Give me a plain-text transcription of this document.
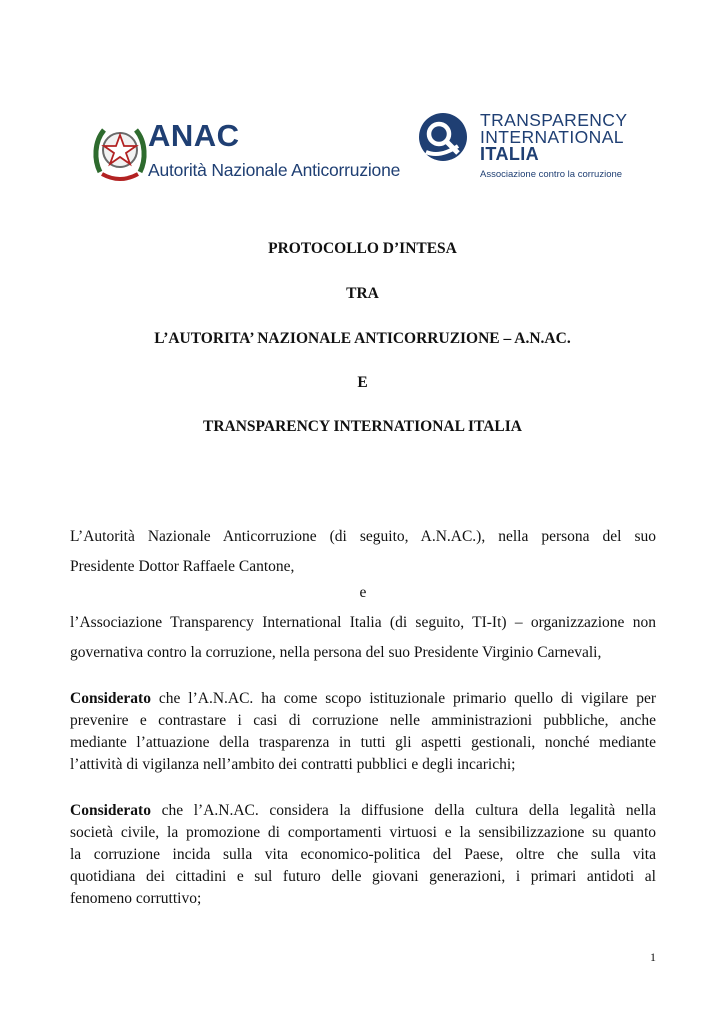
ANAC
Autorità Nazionale Anticorruzione
TRANSPARENCY
INTERNATIONAL
ITALIA
Associazione contro la corruzione
PROTOCOLLO D’INTESA
TRA
L’AUTORITA’ NAZIONALE ANTICORRUZIONE – A.N.AC.
E
TRANSPARENCY INTERNATIONAL ITALIA
L’Autorità Nazionale Anticorruzione (di seguito, A.N.AC.), nella persona del suo
Presidente Dottor Raffaele Cantone,
e
l’Associazione Transparency International Italia (di seguito, TI-It) – organizzazione non
governativa contro la corruzione, nella persona del suo Presidente Virginio Carnevali,
Considerato che l’A.N.AC. ha come scopo istituzionale primario quello di vigilare per
prevenire e contrastare i casi di corruzione nelle amministrazioni pubbliche, anche
mediante l’attuazione della trasparenza in tutti gli aspetti gestionali, nonché mediante
l’attività di vigilanza nell’ambito dei contratti pubblici e degli incarichi;
Considerato che l’A.N.AC. considera la diffusione della cultura della legalità nella
società civile, la promozione di comportamenti virtuosi e la sensibilizzazione su quanto
la corruzione incida sulla vita economico-politica del Paese, oltre che sulla vita
quotidiana dei cittadini e sul futuro delle giovani generazioni, i primari antidoti al
fenomeno corruttivo;
1
